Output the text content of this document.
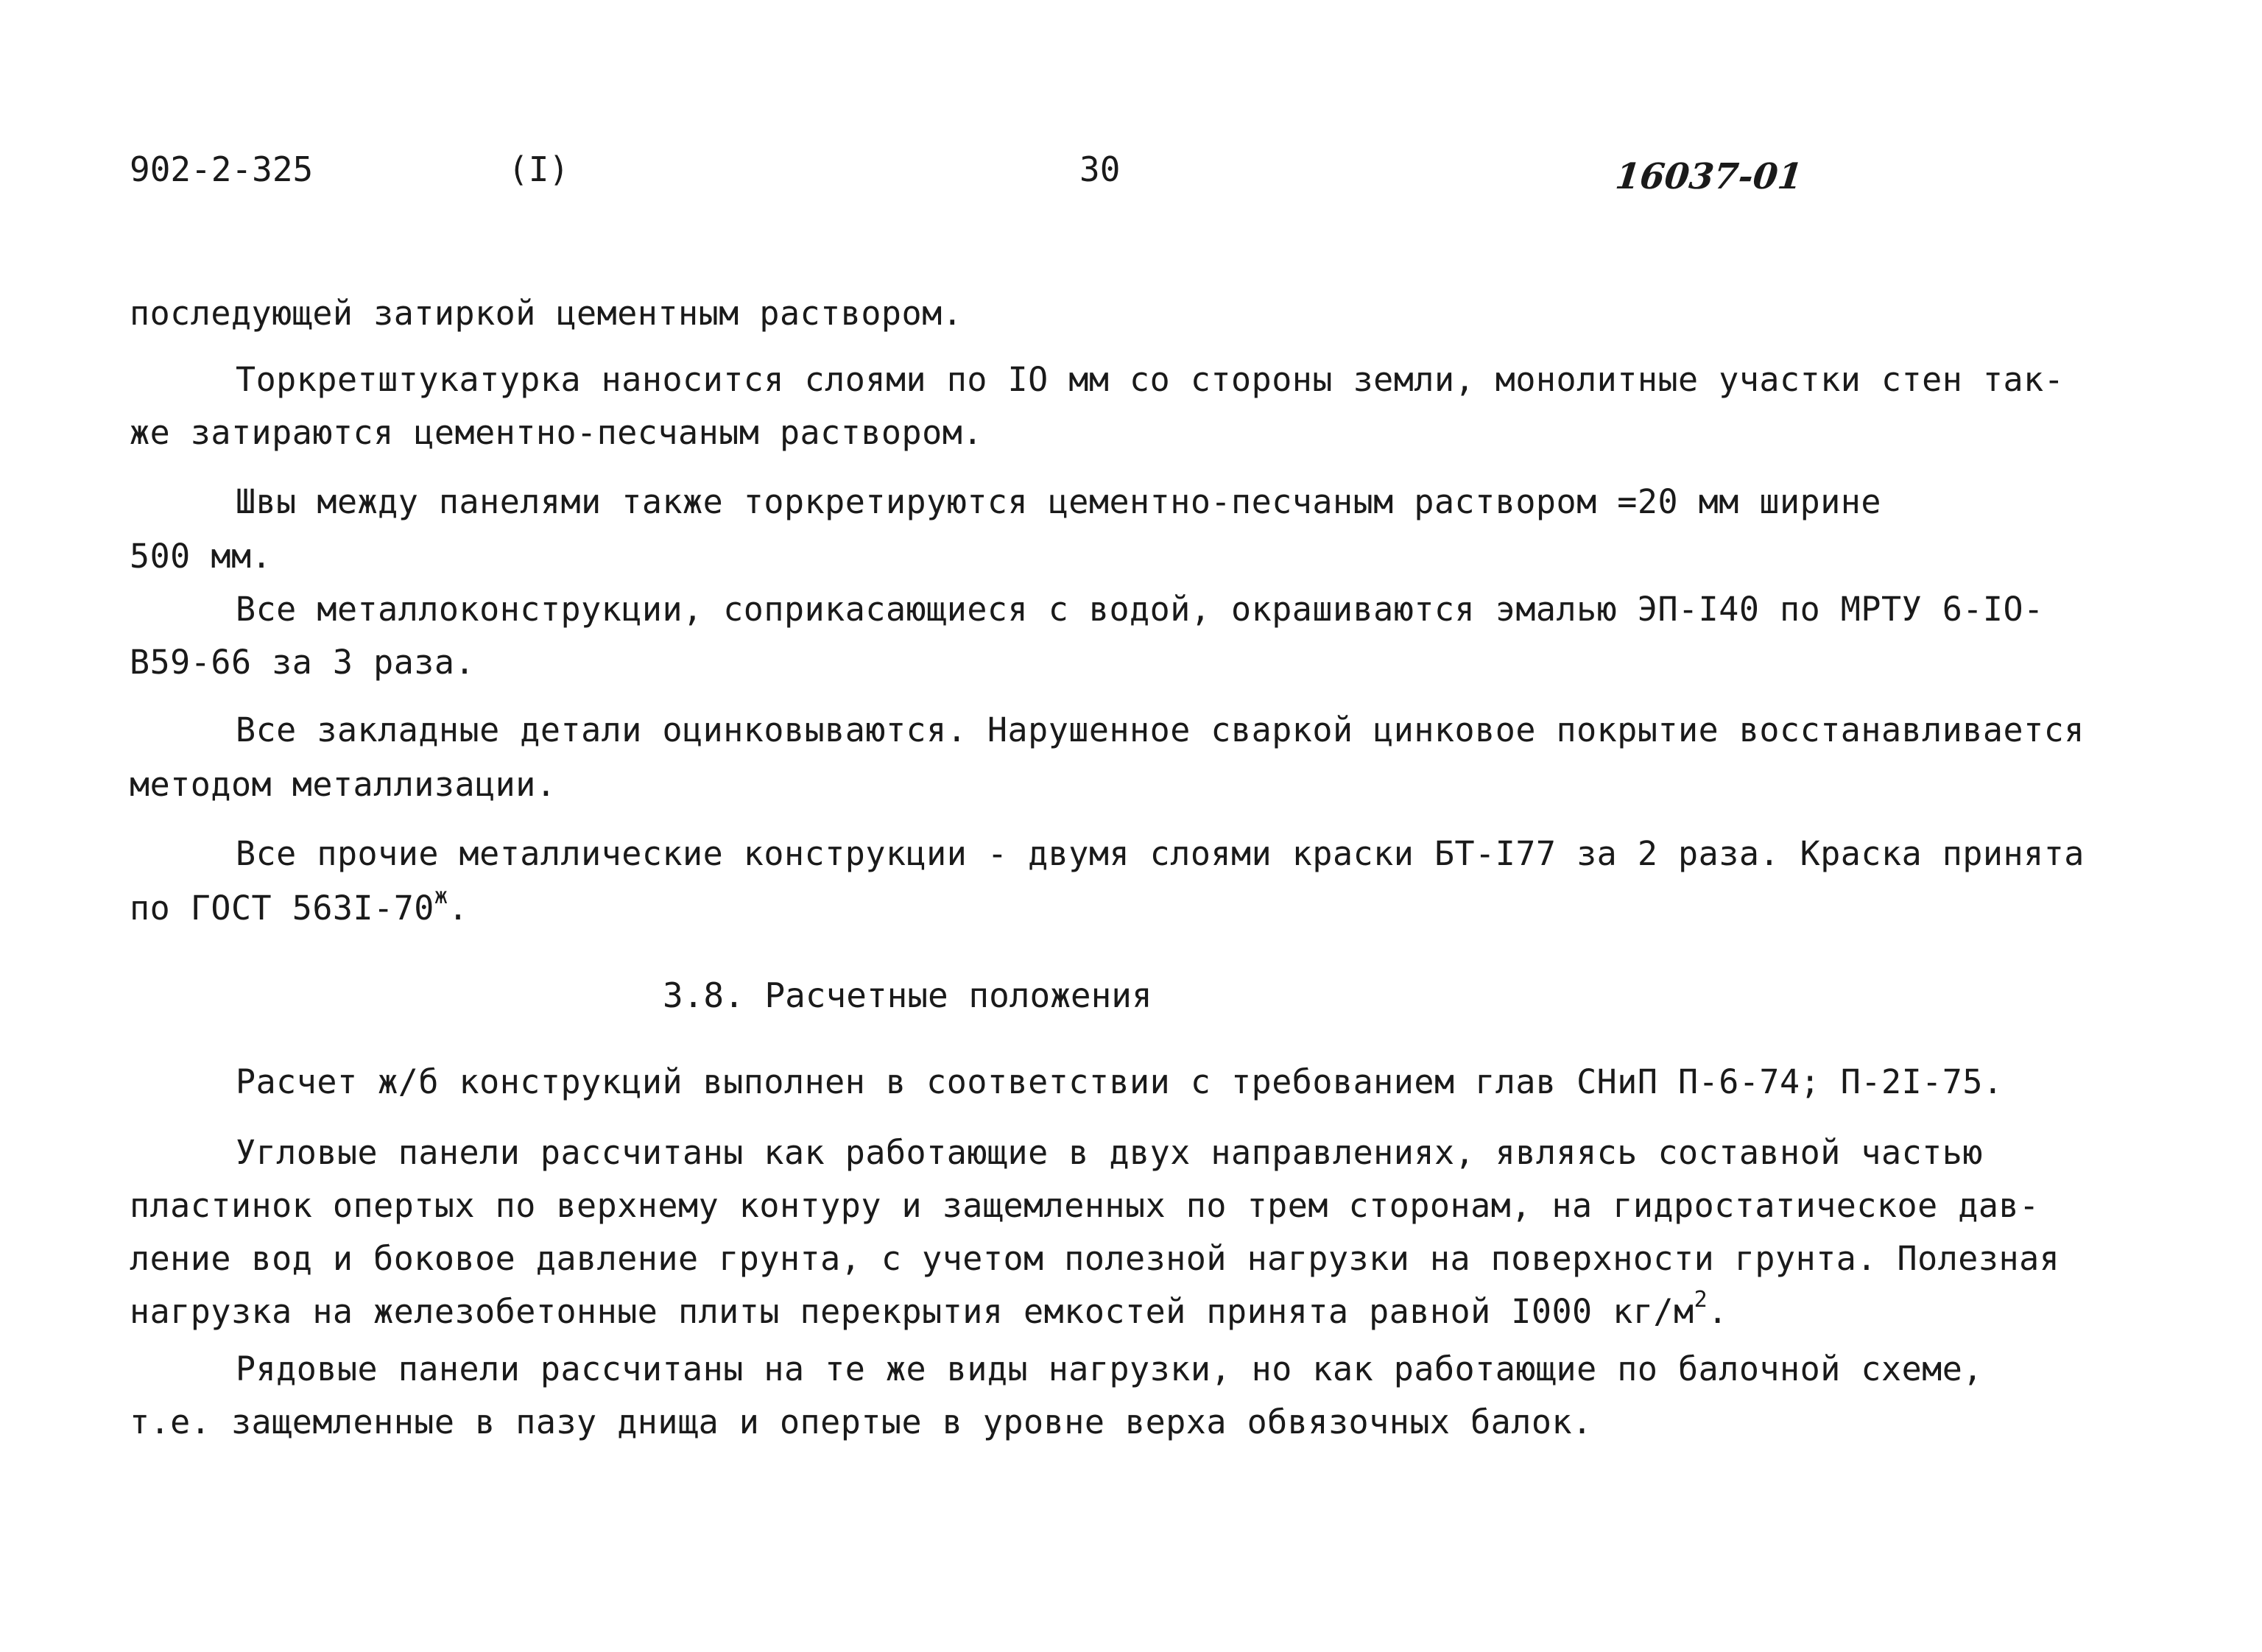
902-2-325	(I)	30	16037-01
последующей затиркой цементным раствором.
Торкретштукатурка наносится слоями по IO мм со стороны земли, монолитные участки стен так-
же затираются цементно-песчаным раствором.
Швы между панелями также торкретируются цементно-песчаным раствором =20 мм ширине
500 мм.
Все металлоконструкции, соприкасающиеся с водой, окрашиваются эмалью ЭП-I40 по МРТУ 6-IO-
В59-66 за 3 раза.
Все закладные детали оцинковываются. Нарушенное сваркой цинковое покрытие восстанавливается
методом металлизации.
Все прочие металлические конструкции - двумя слоями краски БТ-I77 за 2 раза. Краска принята
по ГОСТ $563I-70^ж$.
3.8. Расчетные положения
Расчет ж/б конструкций выполнен в соответствии с требованием глав СНиП П-6-74; П-2I-75.
Угловые панели рассчитаны как работающие в двух направлениях, являясь составной частью
пластинок опертых по верхнему контуру и защемленных по трем сторонам, на гидростатическое дав-
ление вод и боковое давление грунта, с учетом полезной нагрузки на поверхности грунта. Полезная
нагрузка на железобетонные плиты перекрытия емкостей принята равной I000 $кг/м^2$.
Рядовые панели рассчитаны на те же виды нагрузки, но как работающие по балочной схеме,
т.е. защемленные в пазу днища и опертые в уровне верха обвязочных балок.
